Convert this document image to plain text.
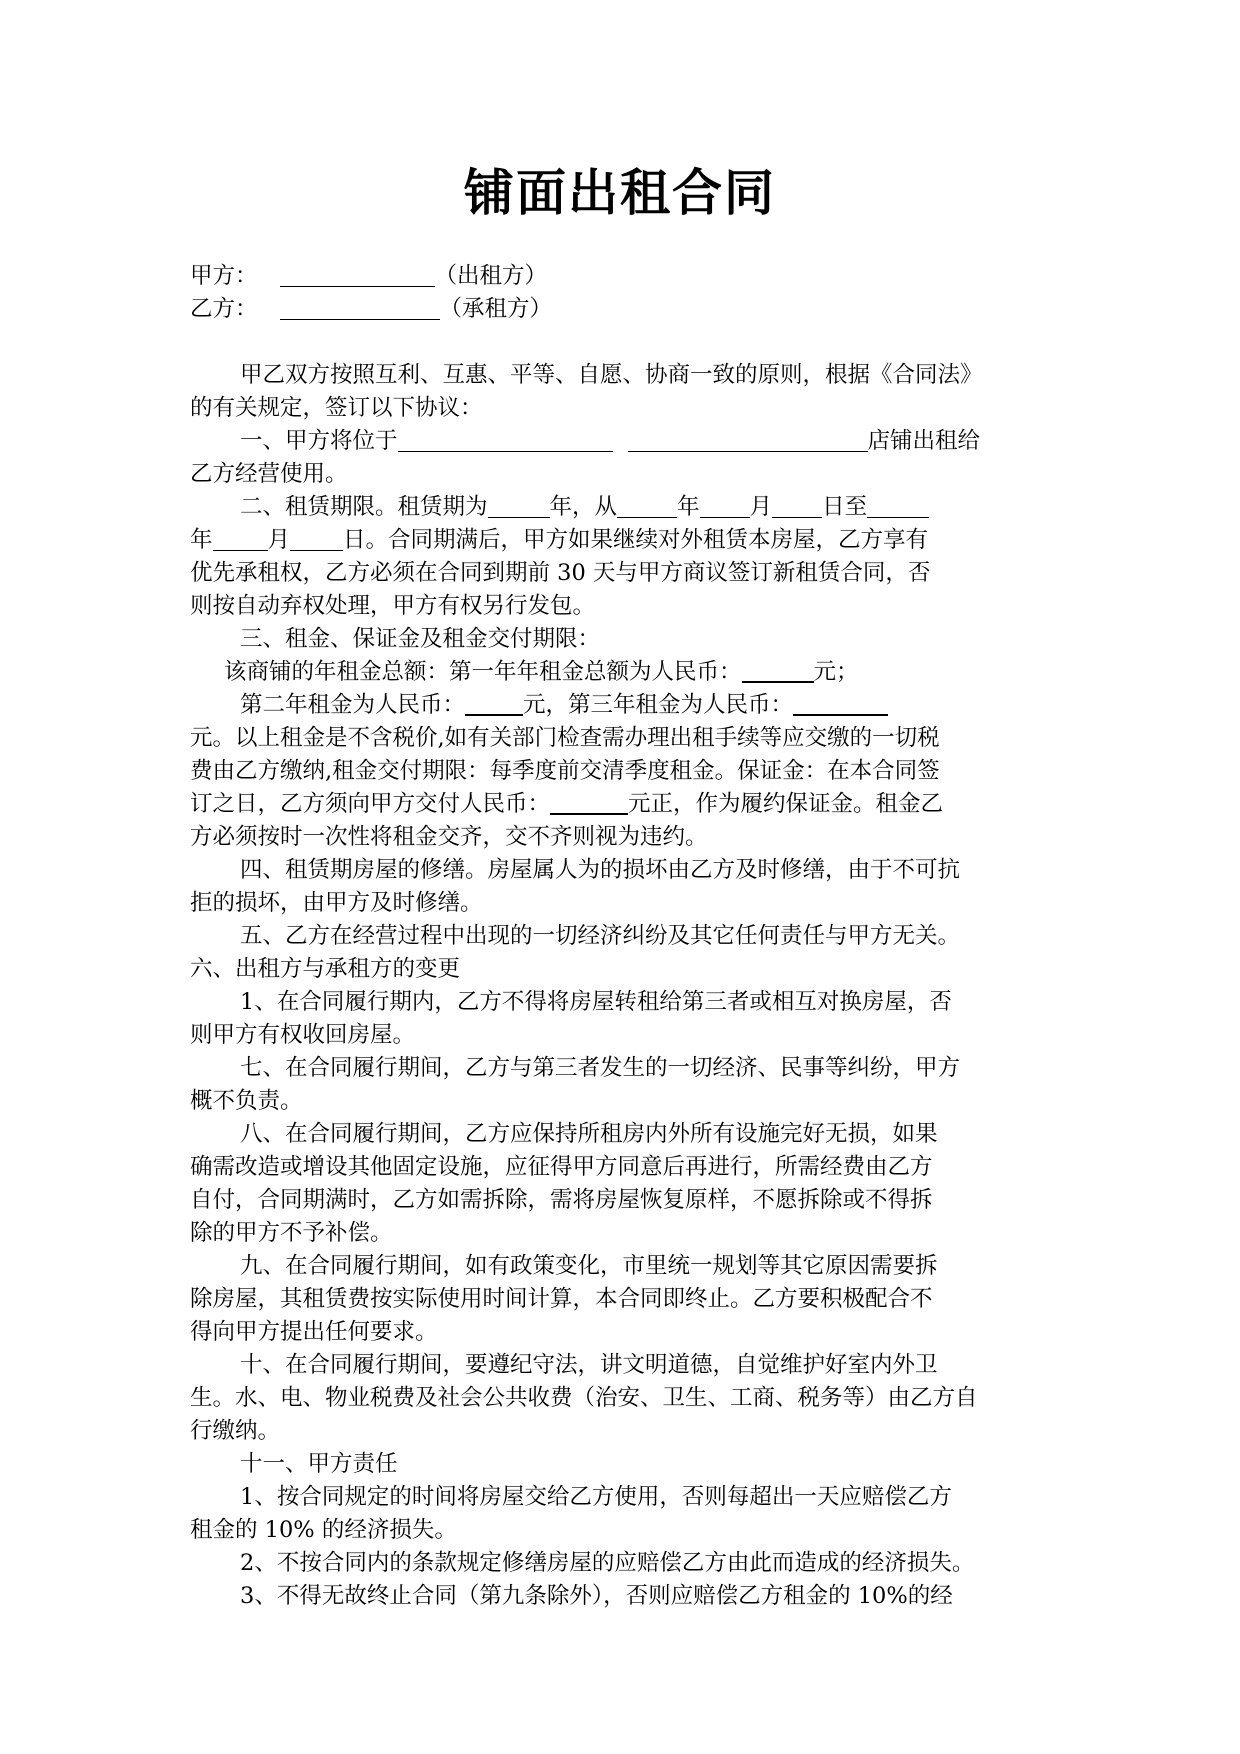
铺面出租合同
甲方：	（出租方）
乙方：	（承租方）
甲乙双方按照互利、互惠、平等、自愿、协商一致的原则，根据《合同法》
的有关规定，签订以下协议：
一、甲方将位于	店铺出租给
乙方经营使用。
二、租赁期限。租赁期为	年，从	年 月 日至
年 月 日。合同期满后，甲方如果继续对外租赁本房屋，乙方享有
优先承租权，乙方必须在合同到期前 30 天与甲方商议签订新租赁合同，否
则按自动弃权处理，甲方有权另行发包。
三、租金、保证金及租金交付期限：
该商铺的年租金总额：第一年年租金总额为人民币：	元；
第二年租金为人民币：	元，第三年租金为人民币：
元。以上租金是不含税价,如有关部门检查需办理出租手续等应交缴的一切税
费由乙方缴纳,租金交付期限：每季度前交清季度租金。保证金：在本合同签
订之日，乙方须向甲方交付人民币：	元正，作为履约保证金。租金乙
方必须按时一次性将租金交齐，交不齐则视为违约。
四、租赁期房屋的修缮。房屋属人为的损坏由乙方及时修缮，由于不可抗
拒的损坏，由甲方及时修缮。
五、乙方在经营过程中出现的一切经济纠纷及其它任何责任与甲方无关。
六、出租方与承租方的变更
1、在合同履行期内，乙方不得将房屋转租给第三者或相互对换房屋，否
则甲方有权收回房屋。
七、在合同履行期间，乙方与第三者发生的一切经济、民事等纠纷，甲方
概不负责。
八、在合同履行期间，乙方应保持所租房内外所有设施完好无损，如果
确需改造或增设其他固定设施，应征得甲方同意后再进行，所需经费由乙方
自付，合同期满时，乙方如需拆除，需将房屋恢复原样，不愿拆除或不得拆
除的甲方不予补偿。
九、在合同履行期间，如有政策变化，市里统一规划等其它原因需要拆
除房屋，其租赁费按实际使用时间计算，本合同即终止。乙方要积极配合不
得向甲方提出任何要求。
十、在合同履行期间，要遵纪守法，讲文明道德，自觉维护好室内外卫
生。水、电、物业税费及社会公共收费（治安、卫生、工商、税务等）由乙方自
行缴纳。
十一、甲方责任
1、按合同规定的时间将房屋交给乙方使用，否则每超出一天应赔偿乙方
租金的 10% 的经济损失。
2、不按合同内的条款规定修缮房屋的应赔偿乙方由此而造成的经济损失。
3、不得无故终止合同（第九条除外），否则应赔偿乙方租金的 10%的经
